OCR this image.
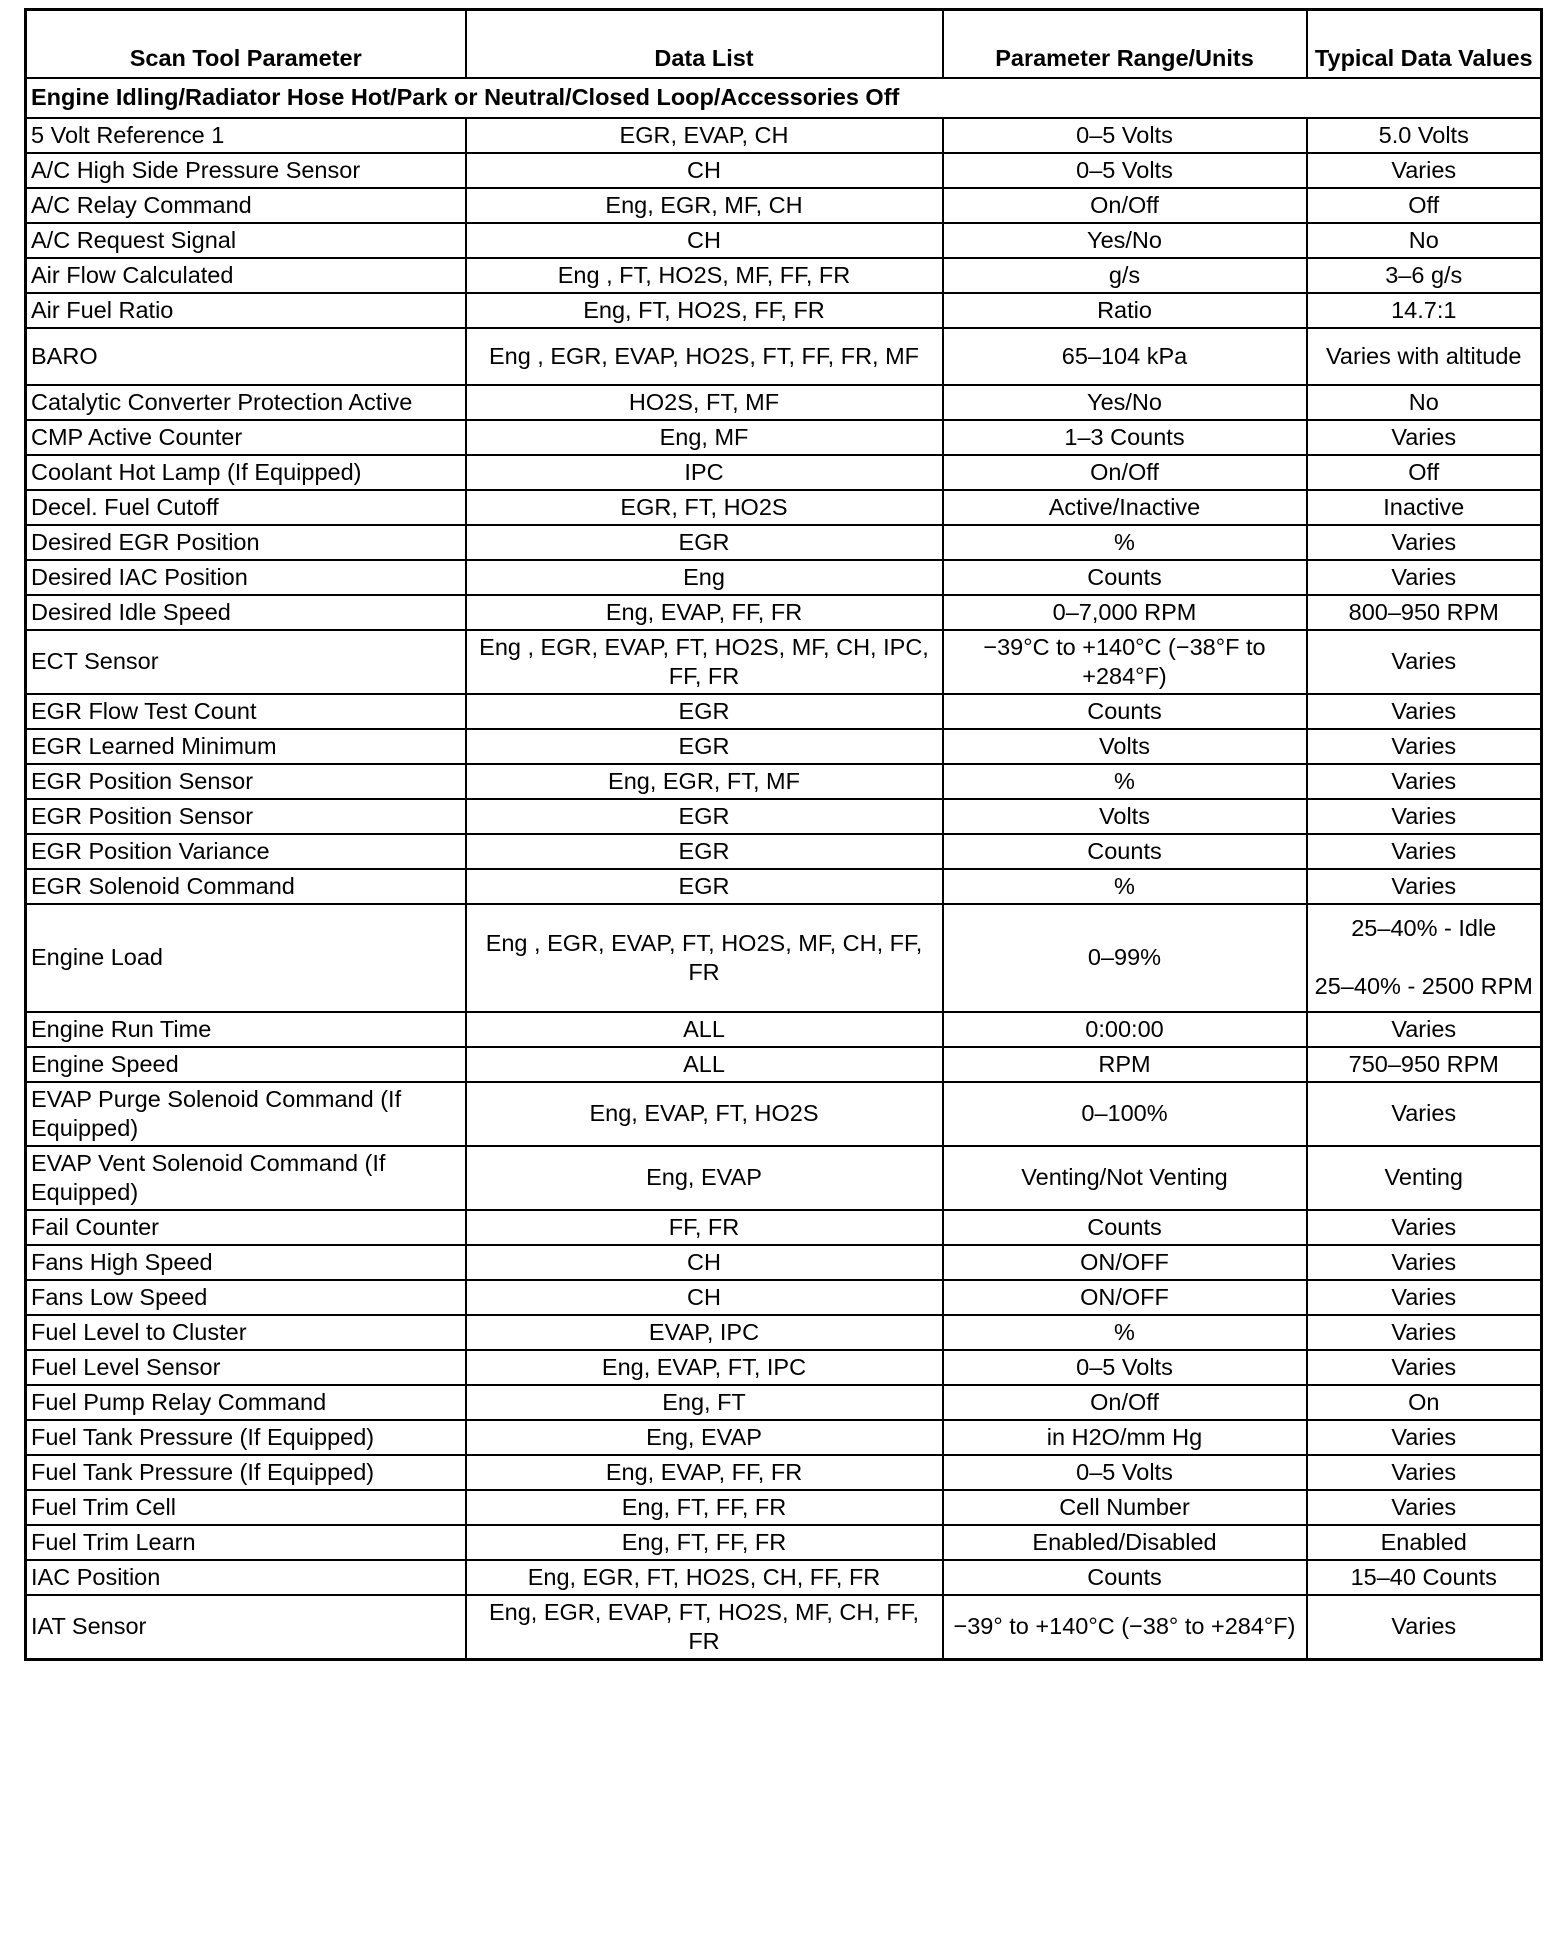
Scan Tool Parameter	Data List	Parameter Range/Units	Typical Data Values
Engine Idling/Radiator Hose Hot/Park or Neutral/Closed Loop/Accessories Off			
5 Volt Reference 1	EGR, EVAP, CH	0–5 Volts	5.0 Volts
A/C High Side Pressure Sensor	CH	0–5 Volts	Varies
A/C Relay Command	Eng, EGR, MF, CH	On/Off	Off
A/C Request Signal	CH	Yes/No	No
Air Flow Calculated	Eng , FT, HO2S, MF, FF, FR	g/s	3–6 g/s
Air Fuel Ratio	Eng, FT, HO2S, FF, FR	Ratio	14.7:1
BARO	Eng , EGR, EVAP, HO2S, FT, FF, FR, MF	65–104 kPa	Varies with altitude
Catalytic Converter Protection Active	HO2S, FT, MF	Yes/No	No
CMP Active Counter	Eng, MF	1–3 Counts	Varies
Coolant Hot Lamp (If Equipped)	IPC	On/Off	Off
Decel. Fuel Cutoff	EGR, FT, HO2S	Active/Inactive	Inactive
Desired EGR Position	EGR	%	Varies
Desired IAC Position	Eng	Counts	Varies
Desired Idle Speed	Eng, EVAP, FF, FR	0–7,000 RPM	800–950 RPM
ECT Sensor	Eng , EGR, EVAP, FT, HO2S, MF, CH, IPC, FF, FR	−39°C to +140°C (−38°F to +284°F)	Varies
EGR Flow Test Count	EGR	Counts	Varies
EGR Learned Minimum	EGR	Volts	Varies
EGR Position Sensor	Eng, EGR, FT, MF	%	Varies
EGR Position Sensor	EGR	Volts	Varies
EGR Position Variance	EGR	Counts	Varies
EGR Solenoid Command	EGR	%	Varies
Engine Load	Eng , EGR, EVAP, FT, HO2S, MF, CH, FF, FR	0–99%	25–40% - Idle
25–40% - 2500 RPM

Engine Run Time	ALL	0:00:00	Varies
Engine Speed	ALL	RPM	750–950 RPM
EVAP Purge Solenoid Command (If Equipped)	Eng, EVAP, FT, HO2S	0–100%	Varies
EVAP Vent Solenoid Command (If Equipped)	Eng, EVAP	Venting/Not Venting	Venting
Fail Counter	FF, FR	Counts	Varies
Fans High Speed	CH	ON/OFF	Varies
Fans Low Speed	CH	ON/OFF	Varies
Fuel Level to Cluster	EVAP, IPC	%	Varies
Fuel Level Sensor	Eng, EVAP, FT, IPC	0–5 Volts	Varies
Fuel Pump Relay Command	Eng, FT	On/Off	On
Fuel Tank Pressure (If Equipped)	Eng, EVAP	in H2O/mm Hg	Varies
Fuel Tank Pressure (If Equipped)	Eng, EVAP, FF, FR	0–5 Volts	Varies
Fuel Trim Cell	Eng, FT, FF, FR	Cell Number	Varies
Fuel Trim Learn	Eng, FT, FF, FR	Enabled/Disabled	Enabled
IAC Position	Eng, EGR, FT, HO2S, CH, FF, FR	Counts	15–40 Counts
IAT Sensor	Eng, EGR, EVAP, FT, HO2S, MF, CH, FF, FR	−39° to +140°C (−38° to +284°F)	Varies
